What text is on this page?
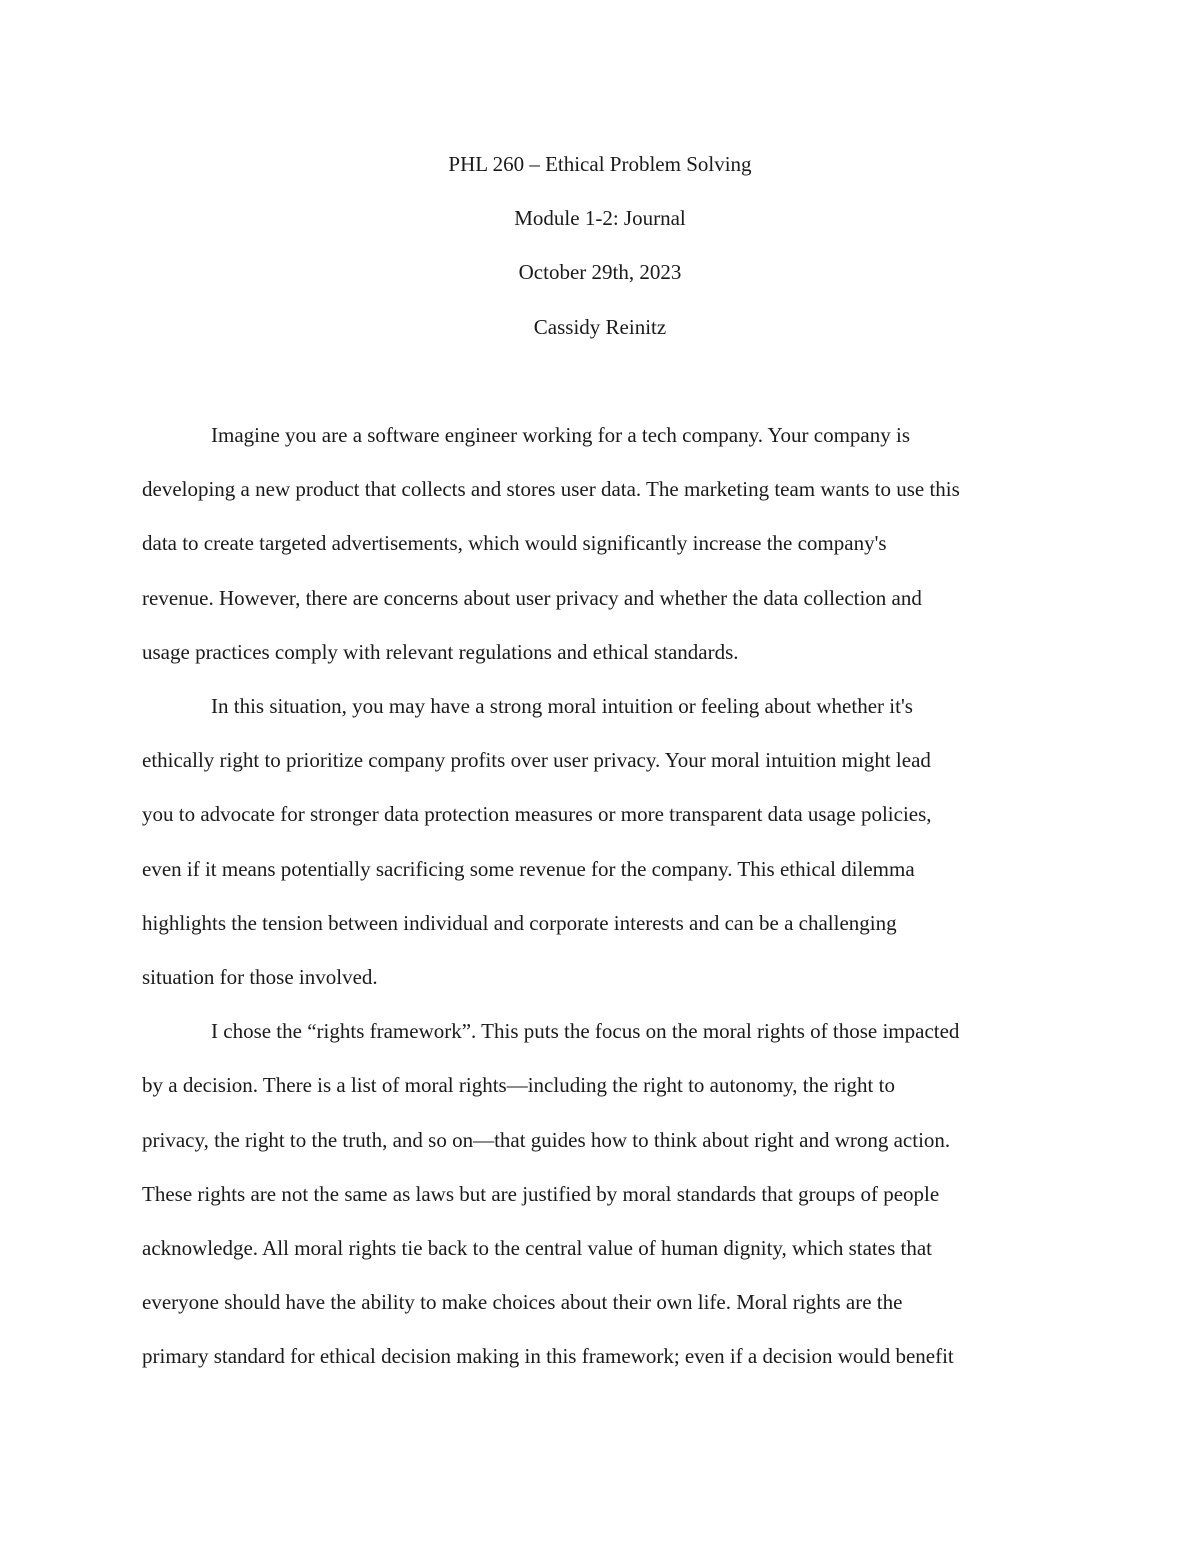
PHL 260 – Ethical Problem Solving
Module 1-2: Journal
October 29th, 2023
Cassidy Reinitz

Imagine you are a software engineer working for a tech company. Your company is
developing a new product that collects and stores user data. The marketing team wants to use this
data to create targeted advertisements, which would significantly increase the company's
revenue. However, there are concerns about user privacy and whether the data collection and
usage practices comply with relevant regulations and ethical standards.

In this situation, you may have a strong moral intuition or feeling about whether it's
ethically right to prioritize company profits over user privacy. Your moral intuition might lead
you to advocate for stronger data protection measures or more transparent data usage policies,
even if it means potentially sacrificing some revenue for the company. This ethical dilemma
highlights the tension between individual and corporate interests and can be a challenging
situation for those involved.

I chose the “rights framework”. This puts the focus on the moral rights of those impacted
by a decision. There is a list of moral rights—including the right to autonomy, the right to
privacy, the right to the truth, and so on—that guides how to think about right and wrong action.
These rights are not the same as laws but are justified by moral standards that groups of people
acknowledge. All moral rights tie back to the central value of human dignity, which states that
everyone should have the ability to make choices about their own life. Moral rights are the
primary standard for ethical decision making in this framework; even if a decision would benefit
